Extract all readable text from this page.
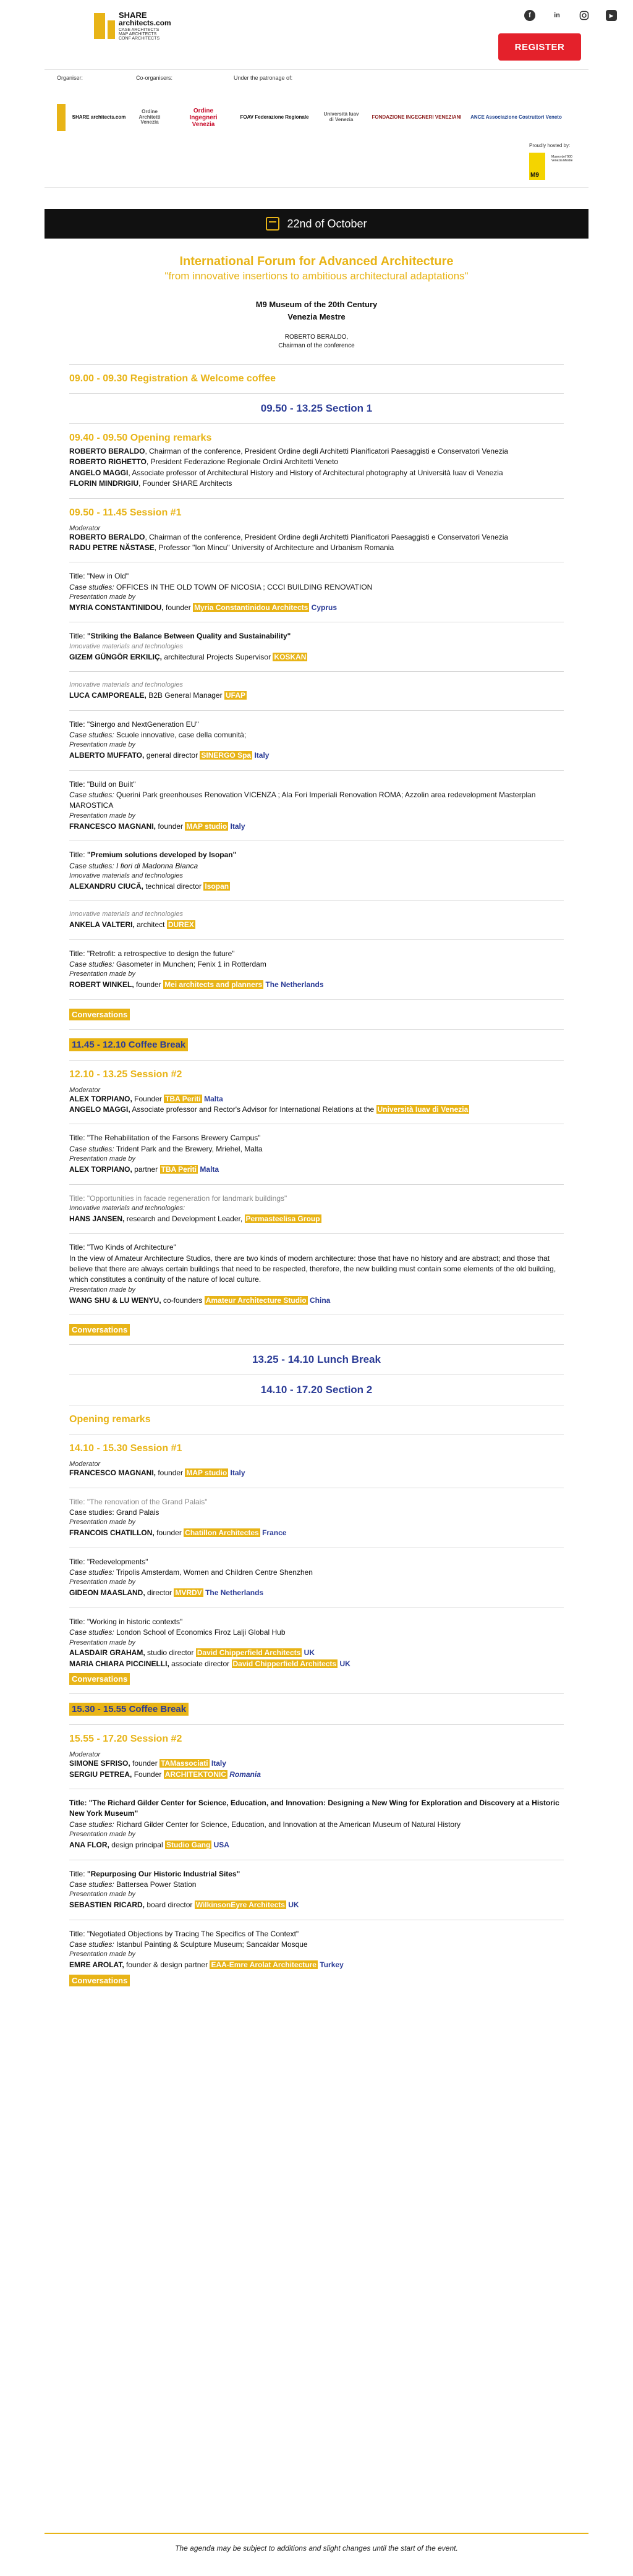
SHARE
architects.com
CASE ARCHITECTS
MAP ARCHITECTS
CONF ARCHITECTS
f	in	▶
REGISTER
Organiser:	Co-organisers:	Under the patronage of:
SHARE architects.com
Ordine Architetti Venezia
Ordine Ingegneri Venezia
FOAV Federazione Regionale	Università Iuav di Venezia	FONDAZIONE INGEGNERI VENEZIANI	ANCE Associazione Costruttori Veneto
Proudly hosted by:
M9
Museo del '900 Venezia Mestre
22nd of October
International Forum for Advanced Architecture
"from innovative insertions to ambitious architectural adaptations"
M9 Museum of the 20th Century
Venezia Mestre
ROBERTO BERALDO,
Chairman of the conference
09.00 - 09.30 Registration & Welcome coffee
09.50 - 13.25 Section 1
09.40 - 09.50 Opening remarks
ROBERTO BERALDO, Chairman of the conference, President Ordine degli Architetti Pianificatori Paesaggisti e Conservatori Venezia
ROBERTO RIGHETTO, President Federazione Regionale Ordini Architetti Veneto
ANGELO MAGGI, Associate professor of Architectural History and History of Architectural photography at Università Iuav di Venezia
FLORIN MINDRIGIU, Founder SHARE Architects
09.50 - 11.45 Session #1
Moderator
ROBERTO BERALDO, Chairman of the conference, President Ordine degli Architetti Pianificatori Paesaggisti e Conservatori Venezia
RADU PETRE NĂSTASE, Professor "Ion Mincu" University of Architecture and Urbanism Romania
Title: "New in Old"
Case studies: OFFICES IN THE OLD TOWN OF NICOSIA ; CCCI BUILDING RENOVATION
Presentation made by
MYRIA CONSTANTINIDOU, founder Myria Constantinidou Architects Cyprus
Title: "Striking the Balance Between Quality and Sustainability"
Innovative materials and technologies
GIZEM GÜNGÖR ERKILIÇ, architectural Projects Supervisor KOSKAN
Innovative materials and technologies
LUCA CAMPOREALE, B2B General Manager UFAP
Title: "Sinergo and NextGeneration EU"
Case studies: Scuole innovative, case della comunità;
Presentation made by
ALBERTO MUFFATO, general director SINERGO Spa Italy
Title: "Build on Built"
Case studies: Querini Park greenhouses Renovation VICENZA ; Ala Fori Imperiali Renovation ROMA; Azzolin area redevelopment Masterplan MAROSTICA
Presentation made by
FRANCESCO MAGNANI, founder MAP studio Italy
Title: "Premium solutions developed by Isopan"
Case studies: I fiori di Madonna Bianca
Innovative materials and technologies
ALEXANDRU CIUCĂ, technical director Isopan
Innovative materials and technologies
ANKELA VALTERI, architect DUREX
Title: "Retrofit: a retrospective to design the future"
Case studies: Gasometer in Munchen; Fenix 1 in Rotterdam
Presentation made by
ROBERT WINKEL, founder Mei architects and planners The Netherlands
Conversations
11.45 - 12.10 Coffee Break
12.10 - 13.25 Session #2
Moderator
ALEX TORPIANO, Founder TBA Periti Malta
ANGELO MAGGI, Associate professor and Rector's Advisor for International Relations at the Università Iuav di Venezia
Title: "The Rehabilitation of the Farsons Brewery Campus"
Case studies: Trident Park and the Brewery, Mriehel, Malta
Presentation made by
ALEX TORPIANO, partner TBA Periti Malta
Title: "Opportunities in facade regeneration for landmark buildings"
Innovative materials and technologies:
HANS JANSEN, research and Development Leader, Permasteelisa Group
Title: "Two Kinds of Architecture"
In the view of Amateur Architecture Studios, there are two kinds of modern architecture: those that have no history and are abstract; and those that believe that there are always certain buildings that need to be respected, therefore, the new building must contain some elements of the old building, which constitutes a continuity of the nature of local culture.
Presentation made by
WANG SHU & LU WENYU, co-founders Amateur Architecture Studio China
Conversations
13.25 - 14.10 Lunch Break
14.10 - 17.20 Section 2
Opening remarks
14.10 - 15.30 Session #1
Moderator
FRANCESCO MAGNANI, founder MAP studio Italy
Title: "The renovation of the Grand Palais"
Case studies: Grand Palais
Presentation made by
FRANCOIS CHATILLON, founder Chatillon Architectes France
Title: "Redevelopments"
Case studies: Tripolis Amsterdam, Women and Children Centre Shenzhen
Presentation made by
GIDEON MAASLAND, director MVRDV The Netherlands
Title: "Working in historic contexts"
Case studies: London School of Economics Firoz Lalji Global Hub
Presentation made by
ALASDAIR GRAHAM, studio director David Chipperfield Architects UK
MARIA CHIARA PICCINELLI, associate director David Chipperfield Architects UK
Conversations
15.30 - 15.55 Coffee Break
15.55 - 17.20 Session #2
Moderator
SIMONE SFRISO, founder TAMassociati Italy
SERGIU PETREA, Founder ARCHITEKTONIC Romania
Title: "The Richard Gilder Center for Science, Education, and Innovation: Designing a New Wing for Exploration and Discovery at a Historic New York Museum"
Case studies: Richard Gilder Center for Science, Education, and Innovation at the American Museum of Natural History
Presentation made by
ANA FLOR, design principal Studio Gang USA
Title: "Repurposing Our Historic Industrial Sites"
Case studies: Battersea Power Station
Presentation made by
SEBASTIEN RICARD, board director WilkinsonEyre Architects UK
Title: "Negotiated Objections by Tracing The Specifics of The Context"
Case studies: Istanbul Painting & Sculpture Museum; Sancaklar Mosque
Presentation made by
EMRE AROLAT, founder & design partner EAA-Emre Arolat Architecture Turkey
Conversations
The agenda may be subject to additions and slight changes until the start of the event.
